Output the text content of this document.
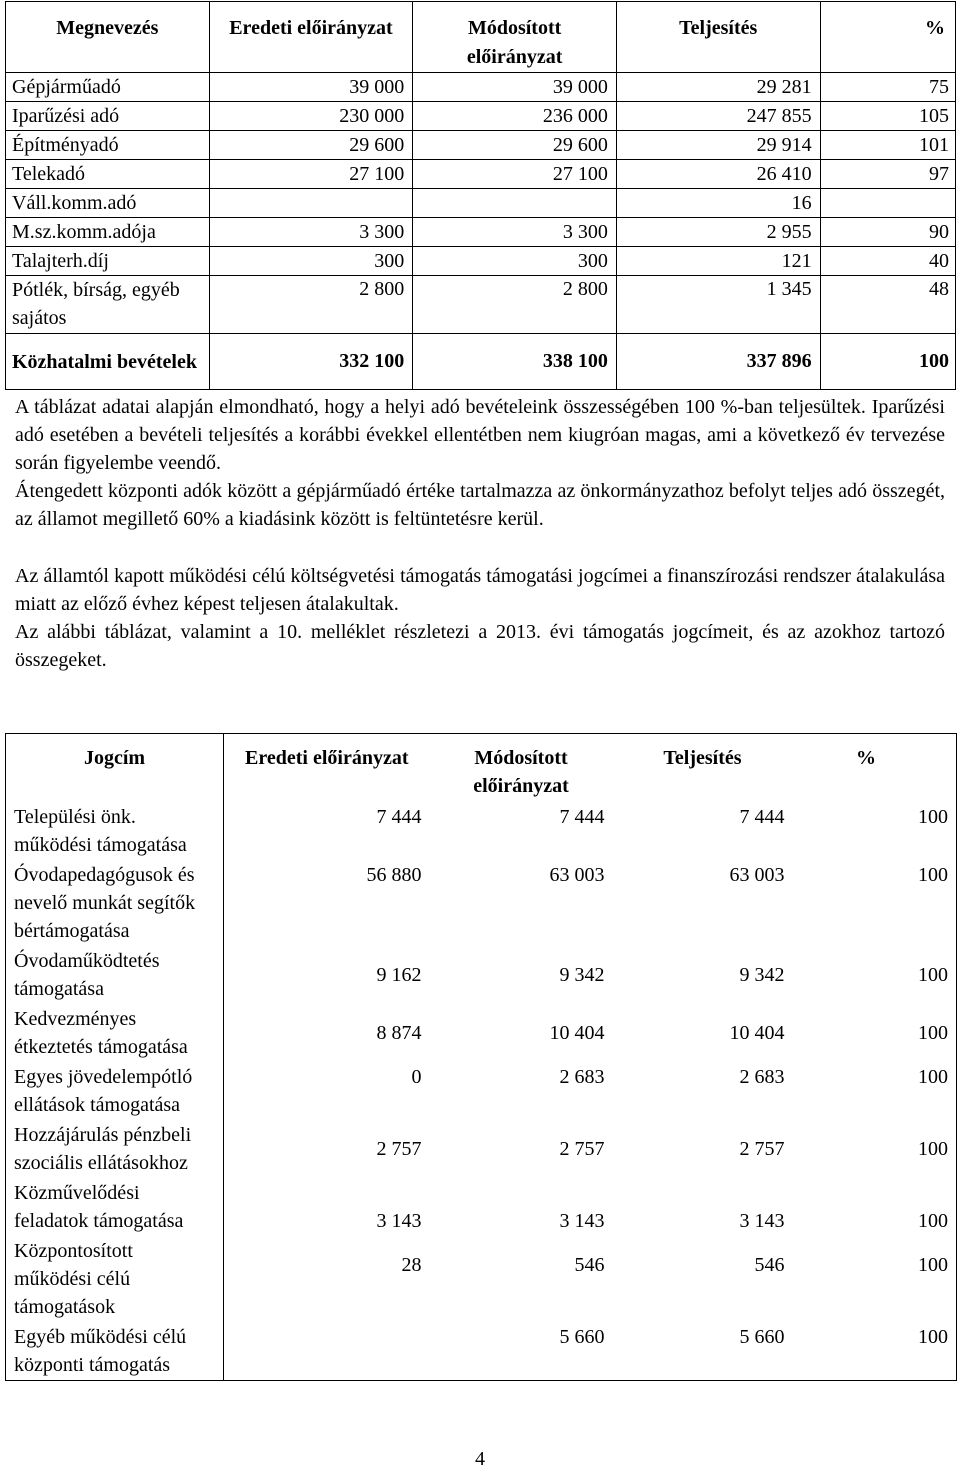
Megnevezés	Eredeti előirányzat	Módosított előirányzat	Teljesítés	%
Gépjárműadó	39 000	39 000	29 281	75
Iparűzési adó	230 000	236 000	247 855	105
Építményadó	29 600	29 600	29 914	101
Telekadó	27 100	27 100	26 410	97
Váll.komm.adó			16	
M.sz.komm.adója	3 300	3 300	2 955	90
Talajterh.díj	300	300	121	40
Pótlék, bírság, egyéb sajátos	2 800	2 800	1 345	48
Közhatalmi bevételek	332 100	338 100	337 896	100

A táblázat adatai alapján elmondható, hogy a helyi adó bevételeink összességében 100 %-ban teljesültek. Iparűzési adó esetében a bevételi teljesítés a korábbi évekkel ellentétben nem kiugróan magas, ami a következő év tervezése során figyelembe veendő.

Átengedett központi adók között a gépjárműadó értéke tartalmazza az önkormányzathoz befolyt teljes adó összegét, az államot megillető 60% a kiadásink között is feltüntetésre kerül.

Az államtól kapott működési célú költségvetési támogatás támogatási jogcímei a finanszírozási rendszer átalakulása miatt az előző évhez képest teljesen átalakultak.

Az alábbi táblázat, valamint a 10. melléklet részletezi a 2013. évi támogatás jogcímeit, és az azokhoz tartozó összegeket.

Jogcím	Eredeti előirányzat	Módosított előirányzat	Teljesítés	%
Települési önk. működési támogatása	7 444	7 444	7 444	100
Óvodapedagógusok és nevelő munkát segítők bértámogatása	56 880	63 003	63 003	100
Óvodaműködtetés támogatása	9 162	9 342	9 342	100
Kedvezményes étkeztetés támogatása	8 874	10 404	10 404	100
Egyes jövedelempótló ellátások támogatása	0	2 683	2 683	100
Hozzájárulás pénzbeli szociális ellátásokhoz	2 757	2 757	2 757	100
Közművelődési feladatok támogatása	3 143	3 143	3 143	100
Központosított működési célú támogatások	28	546	546	100
Egyéb működési célú központi támogatás		5 660	5 660	100
4
